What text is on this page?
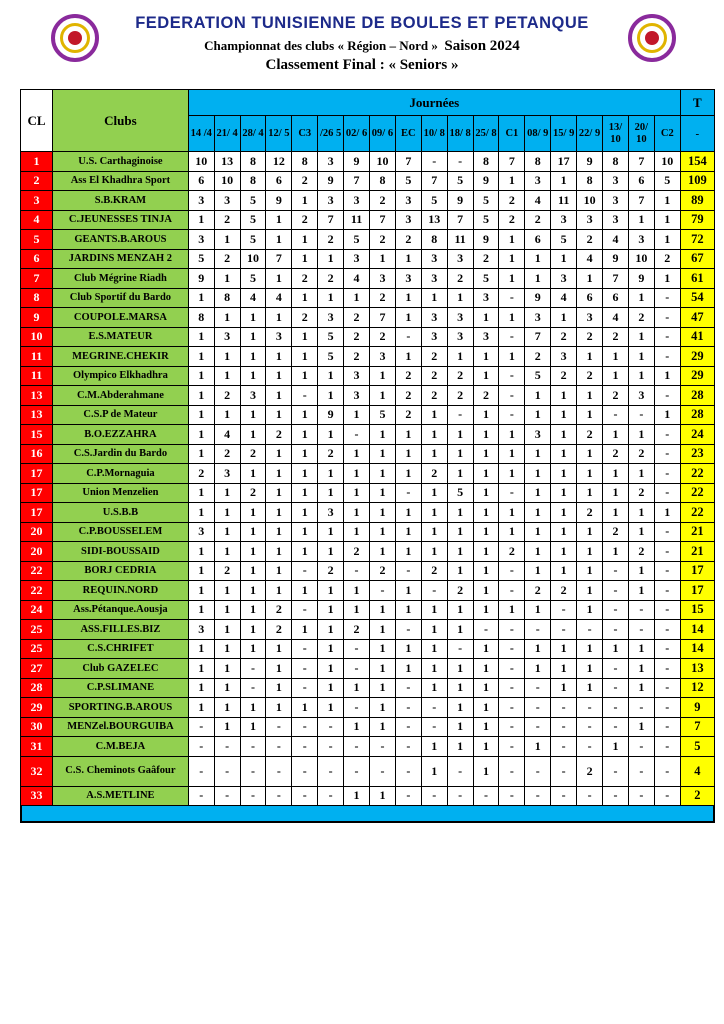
FEDERATION TUNISIENNE DE BOULES ET PETANQUE
Championnat des clubs « Région – Nord » Saison 2024
Classement Final : « Seniors »
CL	Clubs	Journées																			T
		14 /4	21/ 4	28/ 4	12/ 5	C3	/26 5	02/ 6	09/ 6	EC	10/ 8	18/ 8	25/ 8	C1	08/ 9	15/ 9	22/ 9	13/ 10	20/ 10	C2	-
1	U.S. Carthaginoise	10	13	8	12	8	3	9	10	7	-	-	8	7	8	17	9	8	7	10	154
2	Ass El Khadhra Sport	6	10	8	6	2	9	7	8	5	7	5	9	1	3	1	8	3	6	5	109
3	S.B.KRAM	3	3	5	9	1	3	3	2	3	5	9	5	2	4	11	10	3	7	1	89
4	C.JEUNESSES TINJA	1	2	5	1	2	7	11	7	3	13	7	5	2	2	3	3	3	1	1	79
5	GEANTS.B.AROUS	3	1	5	1	1	2	5	2	2	8	11	9	1	6	5	2	4	3	1	72
6	JARDINS MENZAH 2	5	2	10	7	1	1	3	1	1	3	3	2	1	1	1	4	9	10	2	67
7	Club Mégrine Riadh	9	1	5	1	2	2	4	3	3	3	2	5	1	1	3	1	7	9	1	61
8	Club Sportif du Bardo	1	8	4	4	1	1	1	2	1	1	1	3	-	9	4	6	6	1	-	54
9	COUPOLE.MARSA	8	1	1	1	2	3	2	7	1	3	3	1	1	3	1	3	4	2	-	47
10	E.S.MATEUR	1	3	1	3	1	5	2	2	-	3	3	3	-	7	2	2	2	1	-	41
11	MEGRINE.CHEKIR	1	1	1	1	1	5	2	3	1	2	1	1	1	2	3	1	1	1	-	29
11	Olympico Elkhadhra	1	1	1	1	1	1	3	1	2	2	2	1	-	5	2	2	1	1	1	29
13	C.M.Abderahmane	1	2	3	1	-	1	3	1	2	2	2	2	-	1	1	1	2	3	-	28
13	C.S.P de Mateur	1	1	1	1	1	9	1	5	2	1	-	1	-	1	1	1	-	-	1	28
15	B.O.EZZAHRA	1	4	1	2	1	1	-	1	1	1	1	1	1	3	1	2	1	1	-	24
16	C.S.Jardin du Bardo	1	2	2	1	1	2	1	1	1	1	1	1	1	1	1	1	2	2	-	23
17	C.P.Mornaguia	2	3	1	1	1	1	1	1	1	2	1	1	1	1	1	1	1	1	-	22
17	Union Menzelien	1	1	2	1	1	1	1	1	-	1	5	1	-	1	1	1	1	2	-	22
17	U.S.B.B	1	1	1	1	1	3	1	1	1	1	1	1	1	1	1	2	1	1	1	22
20	C.P.BOUSSELEM	3	1	1	1	1	1	1	1	1	1	1	1	1	1	1	1	2	1	-	21
20	SIDI-BOUSSAID	1	1	1	1	1	1	2	1	1	1	1	1	2	1	1	1	1	2	-	21
22	BORJ CEDRIA	1	2	1	1	-	2	-	2	-	2	1	1	-	1	1	1	-	1	-	17
22	REQUIN.NORD	1	1	1	1	1	1	1	-	1	-	2	1	-	2	2	1	-	1	-	17
24	Ass.Pétanque.Aousja	1	1	1	2	-	1	1	1	1	1	1	1	1	1	-	1	-	-	-	15
25	ASS.FILLES.BIZ	3	1	1	2	1	1	2	1	-	1	1	-	-	-	-	-	-	-	-	14
25	C.S.CHRIFET	1	1	1	1	-	1	-	1	1	1	-	1	-	1	1	1	1	1	-	14
27	Club GAZELEC	1	1	-	1	-	1	-	1	1	1	1	1	-	1	1	1	-	1	-	13
28	C.P.SLIMANE	1	1	-	1	-	1	1	1	-	1	1	1	-	-	1	1	-	1	-	12
29	SPORTING.B.AROUS	1	1	1	1	1	1	-	1	-	-	1	1	-	-	-	-	-	-	-	9
30	MENZel.BOURGUIBA	-	1	1	-	-	-	1	1	-	-	1	1	-	-	-	-	-	1	-	7
31	C.M.BEJA	-	-	-	-	-	-	-	-	-	1	1	1	-	1	-	-	1	-	-	5
32	C.S. Cheminots Gaâfour	-	-	-	-	-	-	-	-	-	1	-	1	-	-	-	2	-	-	-	4
33	A.S.METLINE	-	-	-	-	-	-	1	1	-	-	-	-	-	-	-	-	-	-	-	2
